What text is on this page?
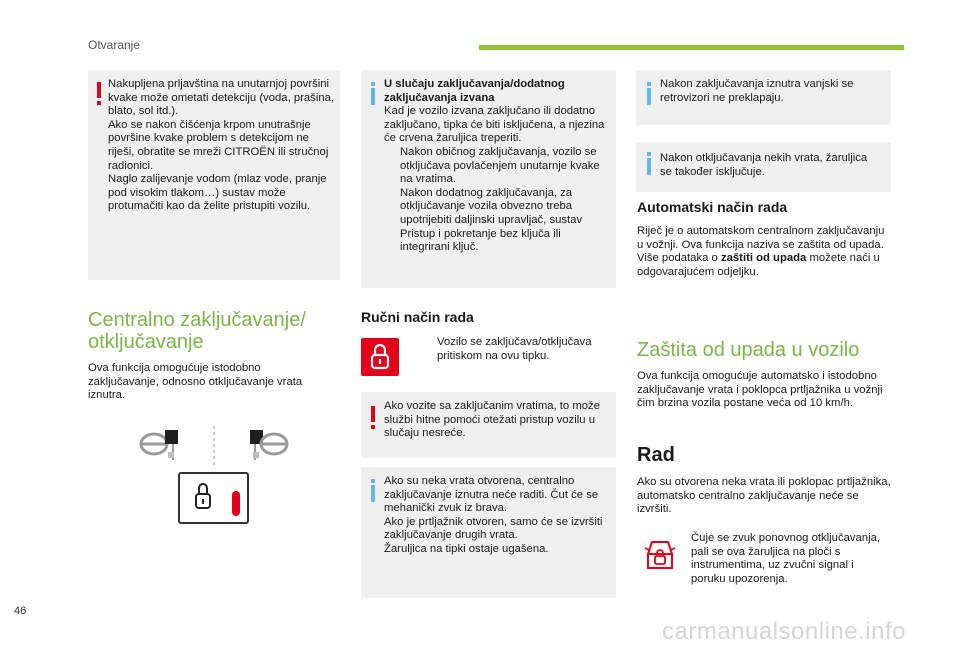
Otvaranje
Nakupljena prljavština na unutarnjoj površini kvake može ometati detekciju (voda, prašina, blato, sol itd.).
Ako se nakon čišćenja krpom unutrašnje površine kvake problem s detekcijom ne riješi, obratite se mreži CITROËN ili stručnoj radionici.
Naglo zalijevanje vodom (mlaz vode, pranje pod visokim tlakom…) sustav može protumačiti kao da želite pristupiti vozilu.
Centralno zaključavanje/
otključavanje
Ova funkcija omogućuje istodobno zaključavanje, odnosno otključavanje vrata iznutra.
U slučaju zaključavanja/dodatnog zaključavanja izvana
Kad je vozilo izvana zaključano ili dodatno zaključano, tipka će biti isključena, a njezina će crvena žaruljica treperiti.
Nakon običnog zaključavanja, vozilo se otključava povlačenjem unutarnje kvake na vratima.
Nakon dodatnog zaključavanja, za otključavanje vozila obvezno treba upotrijebiti daljinski upravljač, sustav Pristup i pokretanje bez ključa ili integrirani ključ.
Ručni način rada
Vozilo se zaključava/otključava pritiskom na ovu tipku.
Ako vozite sa zaključanim vratima, to može službi hitne pomoći otežati pristup vozilu u slučaju nesreće.
Ako su neka vrata otvorena, centralno zaključavanje iznutra neće raditi. Čut će se mehanički zvuk iz brava.
Ako je prtljažnik otvoren, samo će se izvršiti zaključavanje drugih vrata.
Žaruljica na tipki ostaje ugašena.
Nakon zaključavanja iznutra vanjski se retrovizori ne preklapaju.
Nakon otključavanja nekih vrata, žaruljica se također isključuje.
Automatski način rada
Riječ je o automatskom centralnom zaključavanju u vožnji. Ova funkcija naziva se zaštita od upada.
Više podataka o zaštiti od upada možete naći u odgovarajućem odjeljku.
Zaštita od upada u vozilo
Ova funkcija omogućuje automatsko i istodobno zaključavanje vrata i poklopca prtljažnika u vožnji čim brzina vozila postane veća od 10 km/h.
Rad
Ako su otvorena neka vrata ili poklopac prtljažnika, automatsko centralno zaključavanje neće se izvršiti.
Čuje se zvuk ponovnog otključavanja, pali se ova žaruljica na ploči s instrumentima, uz zvučni signal i poruku upozorenja.
46
carmanualsonline.info
